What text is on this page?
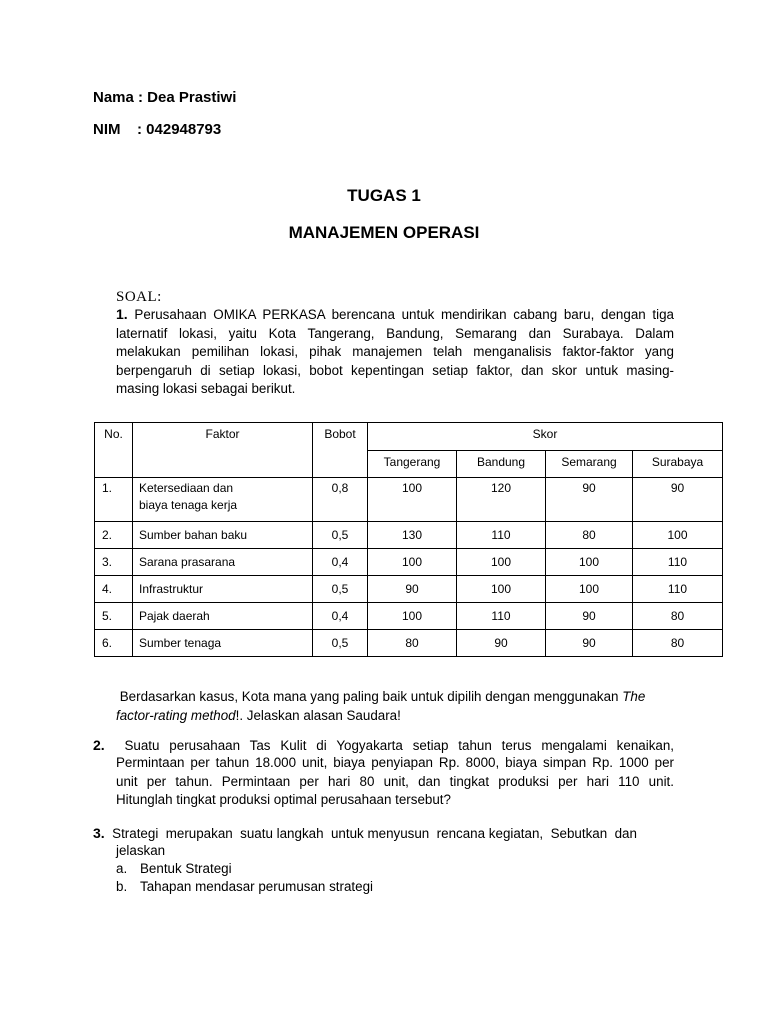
Nama : Dea Prastiwi
NIM : 042948793
TUGAS 1
MANAJEMEN OPERASI
SOAL:
1. Perusahaan OMIKA PERKASA berencana untuk mendirikan cabang baru, dengan tiga
laternatif lokasi, yaitu Kota Tangerang, Bandung, Semarang dan Surabaya. Dalam
melakukan pemilihan lokasi, pihak manajemen telah menganalisis faktor-faktor yang
berpengaruh di setiap lokasi, bobot kepentingan setiap faktor, dan skor untuk masing-
masing lokasi sebagai berikut.
No.	Faktor	Bobot	Skor			
			Tangerang	Bandung	Semarang	Surabaya
1.	Ketersediaan dan
biaya tenaga kerja	0,8	100	120	90	90
2.	Sumber bahan baku	0,5	130	110	80	100
3.	Sarana prasarana	0,4	100	100	100	110
4.	Infrastruktur	0,5	90	100	100	110
5.	Pajak daerah	0,4	100	110	90	80
6.	Sumber tenaga	0,5	80	90	90	80
Berdasarkan kasus, Kota mana yang paling baik untuk dipilih dengan menggunakan The
factor-rating method!. Jelaskan alasan Saudara!
2. Suatu perusahaan Tas Kulit di Yogyakarta setiap tahun terus mengalami kenaikan,
Permintaan per tahun 18.000 unit, biaya penyiapan Rp. 8000, biaya simpan Rp. 1000 per
unit per tahun. Permintaan per hari 80 unit, dan tingkat produksi per hari 110 unit.
Hitunglah tingkat produksi optimal perusahaan tersebut?
3. Strategi  merupakan  suatu langkah  untuk menyusun  rencana kegiatan,  Sebutkan  dan
jelaskan
a. Bentuk Strategi
b. Tahapan mendasar perumusan strategi
